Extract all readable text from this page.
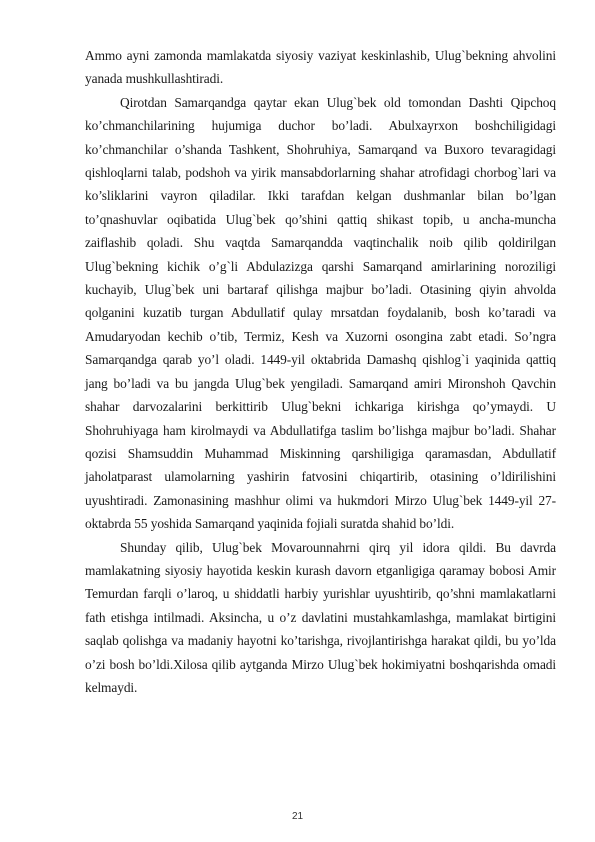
Ammo ayni zamonda mamlakatda siyosiy vaziyat keskinlashib, Ulug`bekning ahvolini yanada mushkullashtiradi.

Qirotdan Samarqandga qaytar ekan Ulug`bek old tomondan Dashti Qipchoq ko’chmanchilarining hujumiga duchor bo’ladi. Abulxayrxon boshchiligidagi ko’chmanchilar o’shanda Tashkent, Shohruhiya, Samarqand va Buxoro tevaragidagi qishloqlarni talab, podshoh va yirik mansabdorlarning shahar atrofidagi chorbog`lari va ko’sliklarini vayron qiladilar. Ikki tarafdan kelgan dushmanlar bilan bo’lgan to’qnashuvlar oqibatida Ulug`bek qo’shini qattiq shikast topib, u ancha-muncha zaiflashib qoladi. Shu vaqtda Samarqandda vaqtinchalik noib qilib qoldirilgan Ulug`bekning kichik o’g`li Abdulazizga qarshi Samarqand amirlarining noroziligi kuchayib, Ulug`bek uni bartaraf qilishga majbur bo’ladi. Otasining qiyin ahvolda qolganini kuzatib turgan Abdullatif qulay mrsatdan foydalanib, bosh ko’taradi va Amudaryodan kechib o’tib, Termiz, Kesh va Xuzorni osongina zabt etadi. So’ngra Samarqandga qarab yo’l oladi. 1449-yil oktabrida Damashq qishlog`i yaqinida qattiq jang bo’ladi va bu jangda Ulug`bek yengiladi. Samarqand amiri Mironshoh Qavchin shahar darvozalarini berkittirib Ulug`bekni ichkariga kirishga qo’ymaydi. U Shohruhiyaga ham kirolmaydi va Abdullatifga taslim bo’lishga majbur bo’ladi. Shahar qozisi Shamsuddin Muhammad Miskinning qarshiligiga qaramasdan, Abdullatif jaholatparast ulamolarning yashirin fatvosini chiqartirib, otasining o’ldirilishini uyushtiradi. Zamonasining mashhur olimi va hukmdori Mirzo Ulug`bek 1449-yil 27-oktabrda 55 yoshida Samarqand yaqinida fojiali suratda shahid bo’ldi.

Shunday qilib, Ulug`bek Movarounnahrni qirq yil idora qildi. Bu davrda mamlakatning siyosiy hayotida keskin kurash davorn etganligiga qaramay bobosi Amir Temurdan farqli o’laroq, u shiddatli harbiy yurishlar uyushtirib, qo’shni mamlakatlarni fath etishga intilmadi. Aksincha, u o’z davlatini mustahkamlashga, mamlakat birtigini saqlab qolishga va madaniy hayotni ko’tarishga, rivojlantirishga harakat qildi, bu yo’lda o’zi bosh bo’ldi.Xilosa qilib aytganda Mirzo Ulug`bek hokimiyatni boshqarishda omadi kelmaydi.

21
